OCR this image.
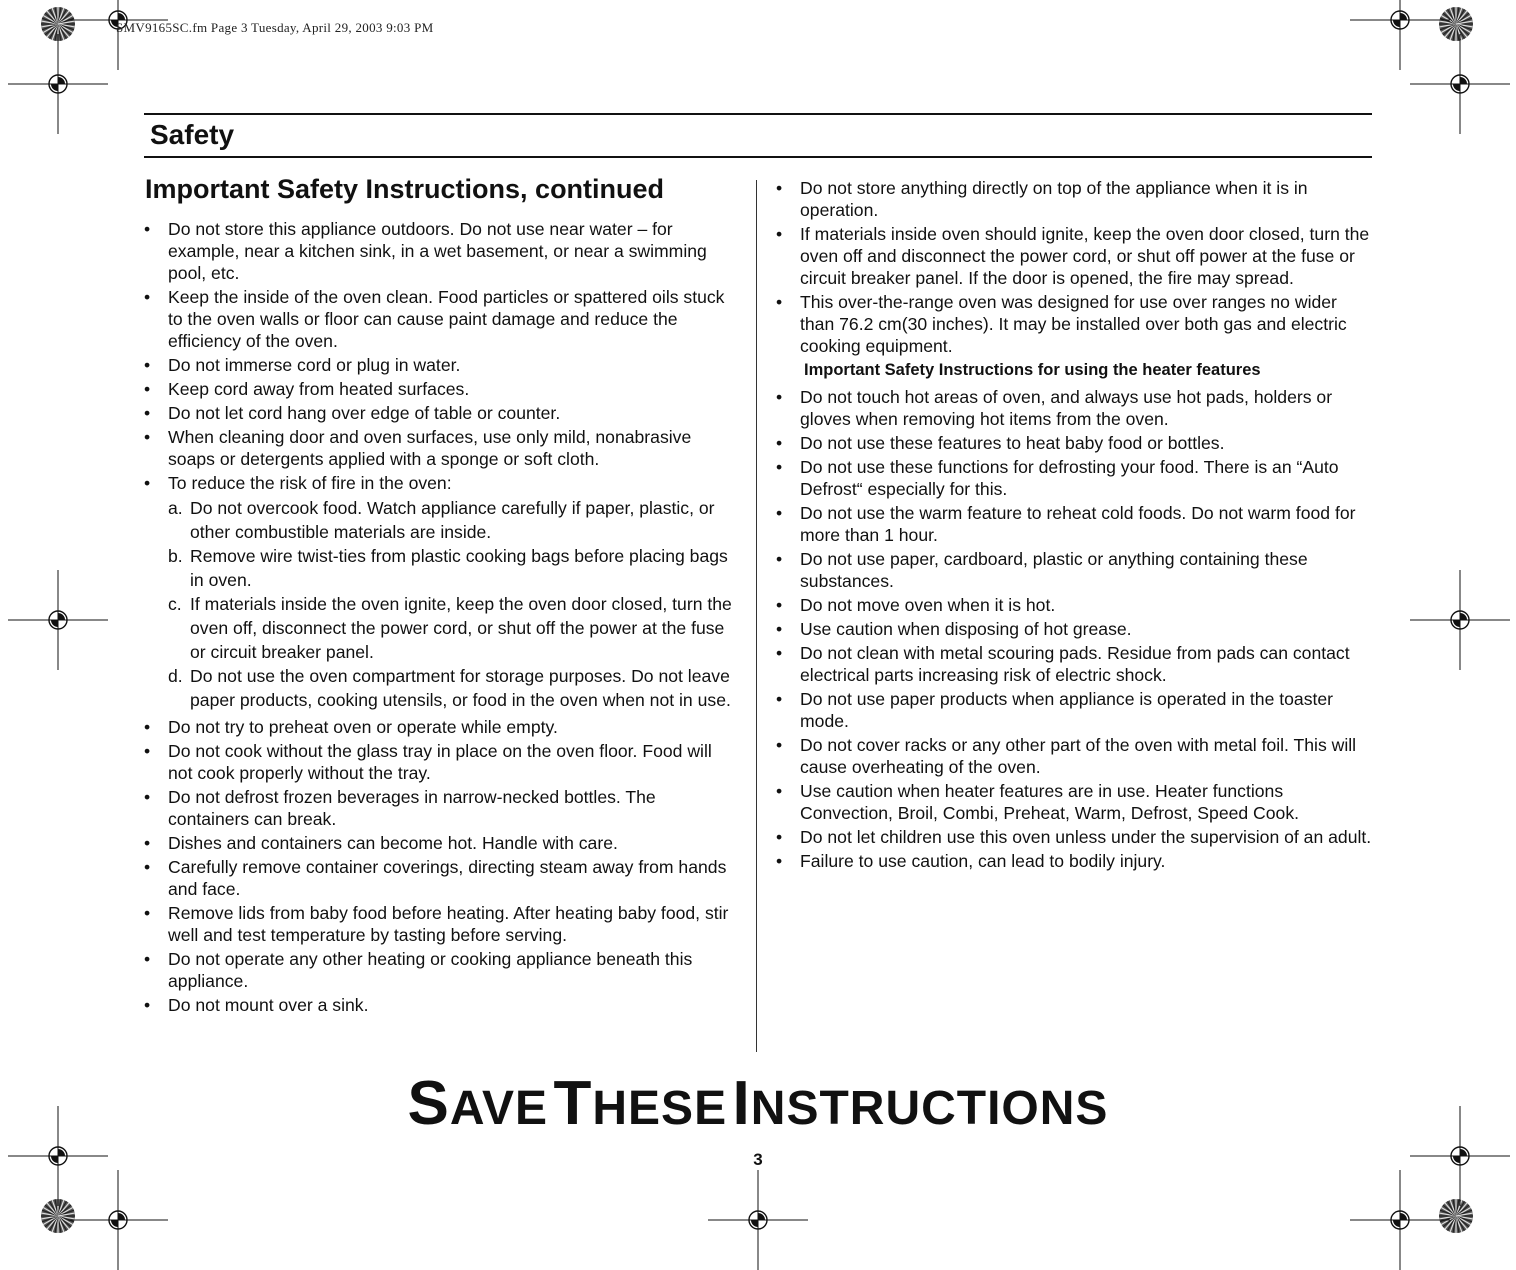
SMV9165SC.fm Page 3 Tuesday, April 29, 2003 9:03 PM
Safety
Important Safety Instructions, continued
• Do not store this appliance outdoors. Do not use near water – for example, near a kitchen sink, in a wet basement, or near a swimming pool, etc.
• Keep the inside of the oven clean. Food particles or spattered oils stuck to the oven walls or floor can cause paint damage and reduce the efficiency of the oven.
• Do not immerse cord or plug in water.
• Keep cord away from heated surfaces.
• Do not let cord hang over edge of table or counter.
• When cleaning door and oven surfaces, use only mild, nonabrasive soaps or detergents applied with a sponge or soft cloth.
• To reduce the risk of fire in the oven:
a. Do not overcook food. Watch appliance carefully if paper, plastic, or other combustible materials are inside.
b. Remove wire twist-ties from plastic cooking bags before placing bags in oven.
c. If materials inside the oven ignite, keep the oven door closed, turn the oven off, disconnect the power cord, or shut off the power at the fuse or circuit breaker panel.
d. Do not use the oven compartment for storage purposes. Do not leave paper products, cooking utensils, or food in the oven when not in use.
• Do not try to preheat oven or operate while empty.
• Do not cook without the glass tray in place on the oven floor. Food will not cook properly without the tray.
• Do not defrost frozen beverages in narrow-necked bottles. The containers can break.
• Dishes and containers can become hot. Handle with care.
• Carefully remove container coverings, directing steam away from hands and face.
• Remove lids from baby food before heating. After heating baby food, stir well and test temperature by tasting before serving.
• Do not operate any other heating or cooking appliance beneath this appliance.
• Do not mount over a sink.
• Do not store anything directly on top of the appliance when it is in operation.
• If materials inside oven should ignite, keep the oven door closed, turn the oven off and disconnect the power cord, or shut off power at the fuse or circuit breaker panel. If the door is opened, the fire may spread.
• This over-the-range oven was designed for use over ranges no wider than 76.2 cm(30 inches). It may be installed over both gas and electric cooking equipment.
Important Safety Instructions for using the heater features
• Do not touch hot areas of oven, and always use hot pads, holders or gloves when removing hot items from the oven.
• Do not use these features to heat baby food or bottles.
• Do not use these functions for defrosting your food. There is an “Auto Defrost“ especially for this.
• Do not use the warm feature to reheat cold foods. Do not warm food for more than 1 hour.
• Do not use paper, cardboard, plastic or anything containing these substances.
• Do not move oven when it is hot.
• Use caution when disposing of hot grease.
• Do not clean with metal scouring pads. Residue from pads can contact electrical parts increasing risk of electric shock.
• Do not use paper products when appliance is operated in the toaster mode.
• Do not cover racks or any other part of the oven with metal foil. This will cause overheating of the oven.
• Use caution when heater features are in use. Heater functions Convection, Broil, Combi, Preheat, Warm, Defrost, Speed Cook.
• Do not let children use this oven unless under the supervision of an adult.
• Failure to use caution, can lead to bodily injury.
SAVE THESE INSTRUCTIONS
3
